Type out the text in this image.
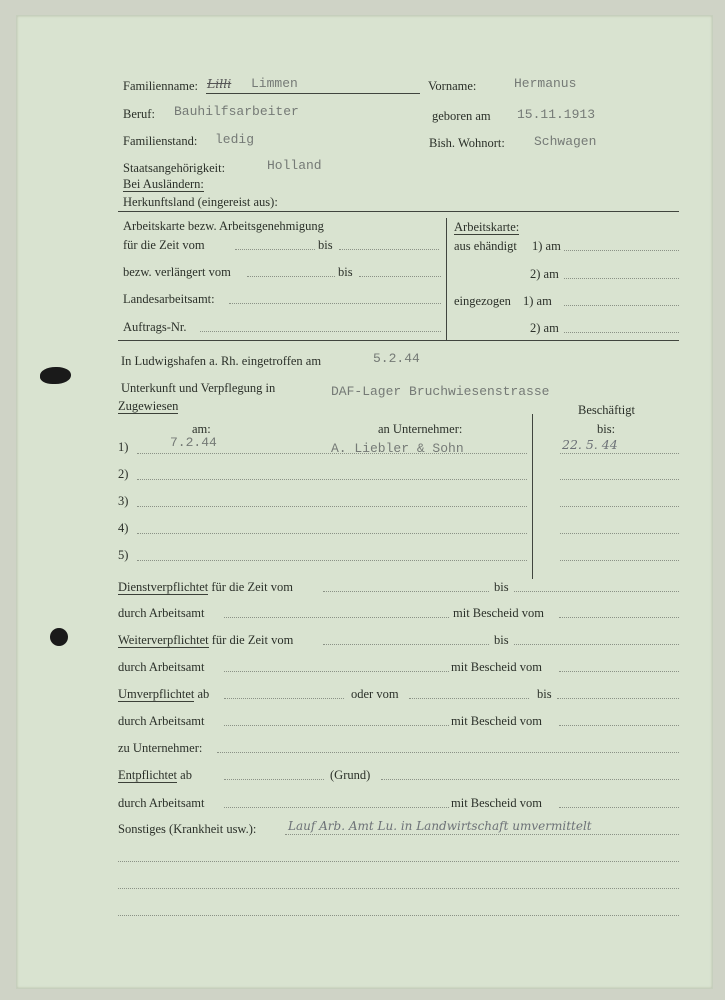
Familienname: Lilli Limmen	Vorname:	Hermanus
Beruf: Bauhilfsarbeiter	geboren am 15.11.1913
Familienstand: ledig	Bish. Wohnort: Schwagen
Staatsangehörigkeit:	Holland
Bei Ausländern:
Herkunftsland (eingereist aus):
Arbeitskarte bezw. Arbeitsgenehmigung
für die Zeit vom	bis
bezw. verlängert vom	bis
Landesarbeitsamt:
Auftrags-Nr.
Arbeitskarte:
aus ehändigt 1) am
2) am
eingezogen 1) am
2) am
In Ludwigshafen a. Rh. eingetroffen am	5.2.44
Unterkunft und Verpflegung in	DAF-Lager Bruchwiesenstrasse
Zugewiesen
am:	an Unternehmer:
Beschäftigt
bis:
1)	7.2.44	A. Liebler & Sohn	22. 5. 44
2)
3)
4)
5)
Dienstverpflichtet für die Zeit vom	bis
durch Arbeitsamt	mit Bescheid vom
Weiterverpflichtet für die Zeit vom	bis
durch Arbeitsamt	mit Bescheid vom
Umverpflichtet ab	oder vom	bis
durch Arbeitsamt	mit Bescheid vom
zu Unternehmer:
Entpflichtet ab	(Grund)
durch Arbeitsamt	mit Bescheid vom
Sonstiges (Krankheit usw.):	Lauf Arb. Amt Lu. in Landwirtschaft umvermittelt
